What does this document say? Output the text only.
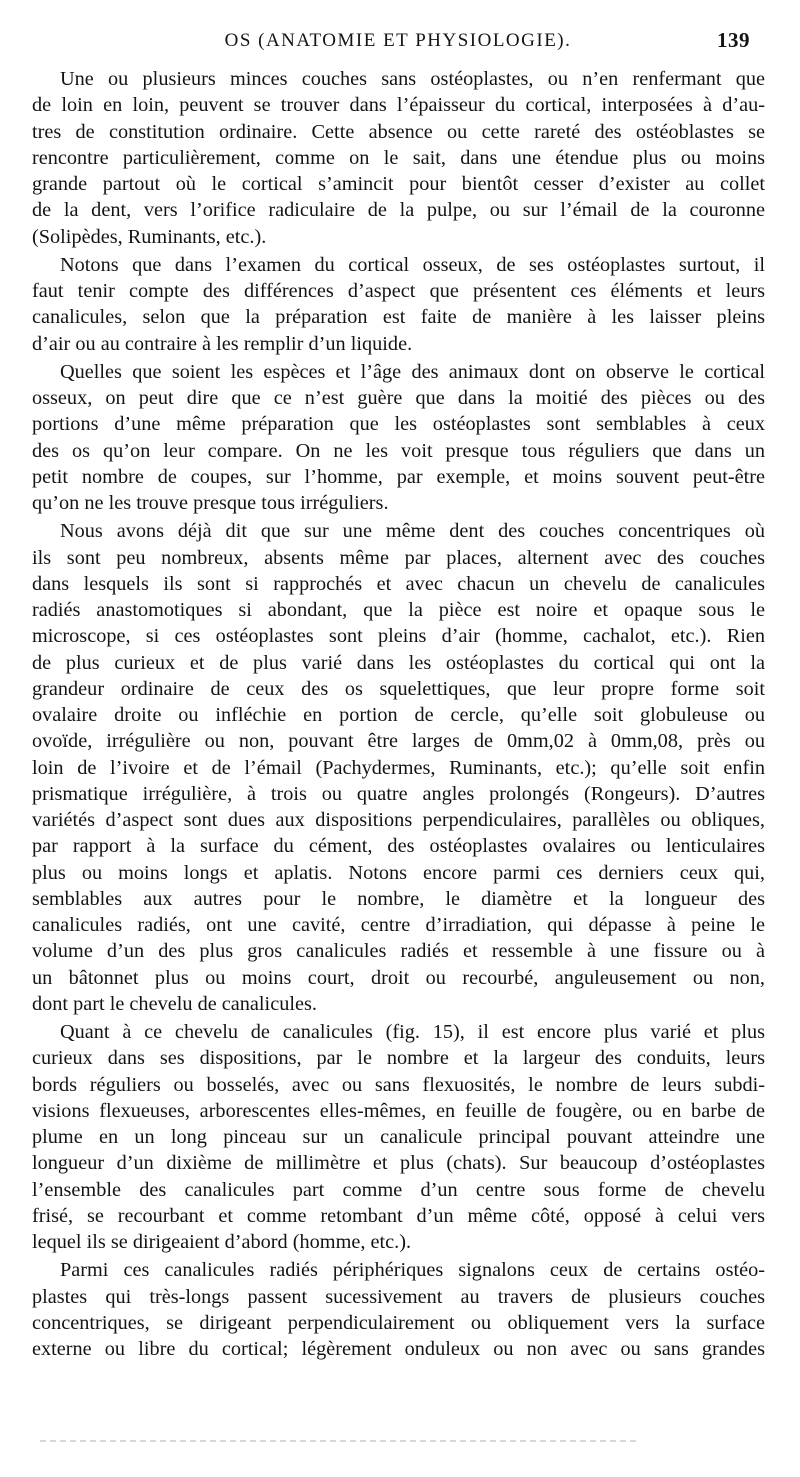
OS (ANATOMIE ET PHYSIOLOGIE).	139

Une ou plusieurs minces couches sans ostéoplastes, ou n’en renfermant que
de loin en loin, peuvent se trouver dans l’épaisseur du cortical, interposées à d’au-
tres de constitution ordinaire. Cette absence ou cette rareté des ostéoblastes se
rencontre particulièrement, comme on le sait, dans une étendue plus ou moins
grande partout où le cortical s’amincit pour bientôt cesser d’exister au collet
de la dent, vers l’orifice radiculaire de la pulpe, ou sur l’émail de la couronne
(Solipèdes, Ruminants, etc.).

Notons que dans l’examen du cortical osseux, de ses ostéoplastes surtout, il
faut tenir compte des différences d’aspect que présentent ces éléments et leurs
canalicules, selon que la préparation est faite de manière à les laisser pleins
d’air ou au contraire à les remplir d’un liquide.

Quelles que soient les espèces et l’âge des animaux dont on observe le cortical
osseux, on peut dire que ce n’est guère que dans la moitié des pièces ou des
portions d’une même préparation que les ostéoplastes sont semblables à ceux
des os qu’on leur compare. On ne les voit presque tous réguliers que dans un
petit nombre de coupes, sur l’homme, par exemple, et moins souvent peut-être
qu’on ne les trouve presque tous irréguliers.

Nous avons déjà dit que sur une même dent des couches concentriques où
ils sont peu nombreux, absents même par places, alternent avec des couches
dans lesquels ils sont si rapprochés et avec chacun un chevelu de canalicules
radiés anastomotiques si abondant, que la pièce est noire et opaque sous le
microscope, si ces ostéoplastes sont pleins d’air (homme, cachalot, etc.). Rien
de plus curieux et de plus varié dans les ostéoplastes du cortical qui ont la
grandeur ordinaire de ceux des os squelettiques, que leur propre forme soit
ovalaire droite ou infléchie en portion de cercle, qu’elle soit globuleuse ou
ovoïde, irrégulière ou non, pouvant être larges de 0mm,02 à 0mm,08, près ou
loin de l’ivoire et de l’émail (Pachydermes, Ruminants, etc.); qu’elle soit enfin
prismatique irrégulière, à trois ou quatre angles prolongés (Rongeurs). D’autres
variétés d’aspect sont dues aux dispositions perpendiculaires, parallèles ou obliques,
par rapport à la surface du cément, des ostéoplastes ovalaires ou lenticulaires
plus ou moins longs et aplatis. Notons encore parmi ces derniers ceux qui,
semblables aux autres pour le nombre, le diamètre et la longueur des
canalicules radiés, ont une cavité, centre d’irradiation, qui dépasse à peine le
volume d’un des plus gros canalicules radiés et ressemble à une fissure ou à
un bâtonnet plus ou moins court, droit ou recourbé, anguleusement ou non,
dont part le chevelu de canalicules.

Quant à ce chevelu de canalicules (fig. 15), il est encore plus varié et plus
curieux dans ses dispositions, par le nombre et la largeur des conduits, leurs
bords réguliers ou bosselés, avec ou sans flexuosités, le nombre de leurs subdi-
visions flexueuses, arborescentes elles-mêmes, en feuille de fougère, ou en barbe de
plume en un long pinceau sur un canalicule principal pouvant atteindre une
longueur d’un dixième de millimètre et plus (chats). Sur beaucoup d’ostéoplastes
l’ensemble des canalicules part comme d’un centre sous forme de chevelu
frisé, se recourbant et comme retombant d’un même côté, opposé à celui vers
lequel ils se dirigeaient d’abord (homme, etc.).

Parmi ces canalicules radiés périphériques signalons ceux de certains ostéo-
plastes qui très-longs passent sucessivement au travers de plusieurs couches
concentriques, se dirigeant perpendiculairement ou obliquement vers la surface
externe ou libre du cortical; légèrement onduleux ou non avec ou sans grandes
